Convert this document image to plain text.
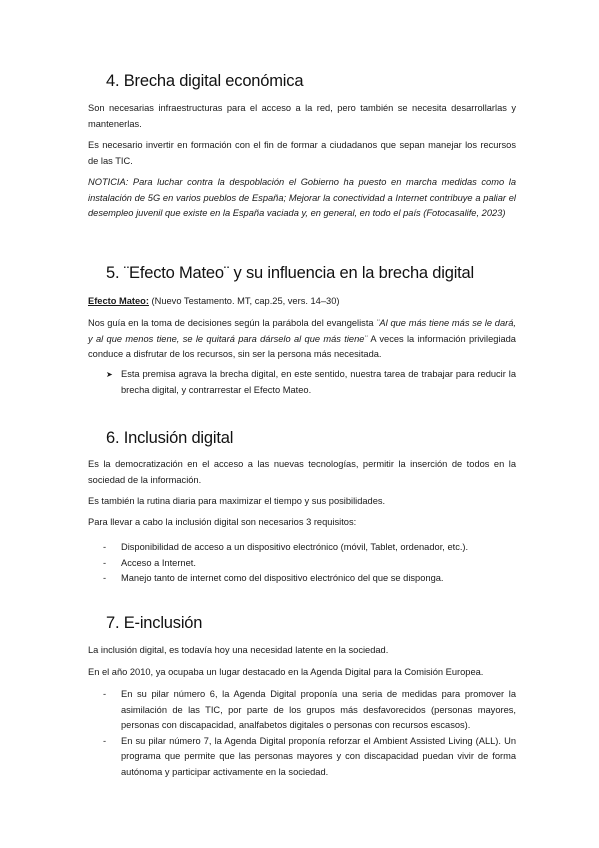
4. Brecha digital económica

Son necesarias infraestructuras para el acceso a la red, pero también se necesita desarrollarlas y mantenerlas.

Es necesario invertir en formación con el fin de formar a ciudadanos que sepan manejar los recursos de las TIC.

NOTICIA: Para luchar contra la despoblación el Gobierno ha puesto en marcha medidas como la instalación de 5G en varios pueblos de España; Mejorar la conectividad a Internet contribuye a paliar el desempleo juvenil que existe en la España vaciada y, en general, en todo el país (Fotocasalife, 2023)

5. ¨Efecto Mateo¨ y su influencia en la brecha digital

Efecto Mateo: (Nuevo Testamento. MT, cap.25, vers. 14–30)

Nos guía en la toma de decisiones según la parábola del evangelista ¨Al que más tiene más se le dará, y al que menos tiene, se le quitará para dárselo al que más tiene¨ A veces la información privilegiada conduce a disfrutar de los recursos, sin ser la persona más necesitada.

➤ Esta premisa agrava la brecha digital, en este sentido, nuestra tarea de trabajar para reducir la brecha digital, y contrarrestar el Efecto Mateo.
6. Inclusión digital

Es la democratización en el acceso a las nuevas tecnologías, permitir la inserción de todos en la sociedad de la información.

Es también la rutina diaria para maximizar el tiempo y sus posibilidades.

Para llevar a cabo la inclusión digital son necesarios 3 requisitos:

- Disponibilidad de acceso a un dispositivo electrónico (móvil, Tablet, ordenador, etc.).
- Acceso a Internet.
- Manejo tanto de internet como del dispositivo electrónico del que se disponga.
7. E-inclusión

La inclusión digital, es todavía hoy una necesidad latente en la sociedad.

En el año 2010, ya ocupaba un lugar destacado en la Agenda Digital para la Comisión Europea.

- En su pilar número 6, la Agenda Digital proponía una seria de medidas para promover la asimilación de las TIC, por parte de los grupos más desfavorecidos (personas mayores, personas con discapacidad, analfabetos digitales o personas con recursos escasos).
- En su pilar número 7, la Agenda Digital proponía reforzar el Ambient Assisted Living (ALL). Un programa que permite que las personas mayores y con discapacidad puedan vivir de forma autónoma y participar activamente en la sociedad.
